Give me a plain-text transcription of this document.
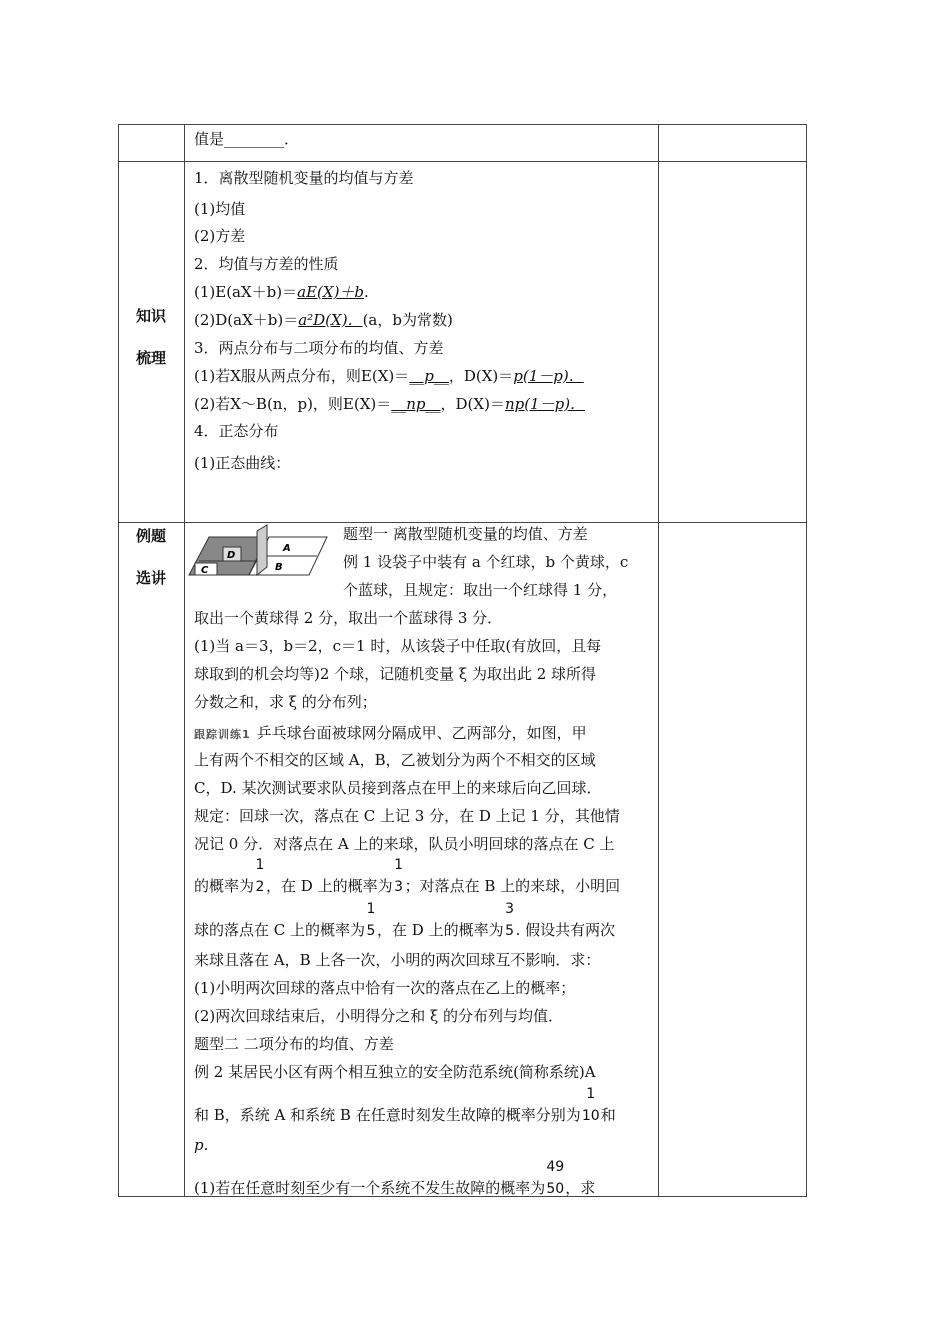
知识
梳理
例题
选讲
值是________．
1．离散型随机变量的均值与方差
(1)均值
(2)方差
2．均值与方差的性质
(1)E(aX＋b)＝aE(X)＋b.
(2)D(aX＋b)＝a²D(X)．(a，b为常数)
3．两点分布与二项分布的均值、方差
(1)若X服从两点分布，则E(X)＝__p__，D(X)＝p(1－p)．
(2)若X～B(n，p)，则E(X)＝__np__，D(X)＝np(1－p)．
4．正态分布
(1)正态曲线：
A
B
C
D
题型一 离散型随机变量的均值、方差
例 1 设袋子中装有 a 个红球，b 个黄球，c
个蓝球，且规定：取出一个红球得 1 分，
取出一个黄球得 2 分，取出一个蓝球得 3 分．
(1)当 a＝3，b＝2，c＝1 时，从该袋子中任取(有放回，且每
球取到的机会均等)2 个球，记随机变量 ξ 为取出此 2 球所得
分数之和，求 ξ 的分布列；
跟踪训练1 乒乓球台面被球网分隔成甲、乙两部分，如图，甲
上有两个不相交的区域 A，B，乙被划分为两个不相交的区域
C，D. 某次测试要求队员接到落点在甲上的来球后向乙回球．
规定：回球一次，落点在 C 上记 3 分，在 D 上记 1 分，其他情
况记 0 分．对落点在 A 上的来球，队员小明回球的落点在 C 上
的概率为
1
2 ，在 D 上的概率为
1
3 ；对落点在 B 上的来球，小明回
球的落点在 C 上的概率为
1
5 ，在 D 上的概率为
3
5 . 假设共有两次
来球且落在 A，B 上各一次，小明的两次回球互不影响．求：
(1)小明两次回球的落点中恰有一次的落点在乙上的概率；
(2)两次回球结束后，小明得分之和 ξ 的分布列与均值．
题型二 二项分布的均值、方差
例 2 某居民小区有两个相互独立的安全防范系统(简称系统)A
和 B，系统 A 和系统 B 在任意时刻发生故障的概率分别为
1
10 和
p.
(1)若在任意时刻至少有一个系统不发生故障的概率为
49
50 ，求
